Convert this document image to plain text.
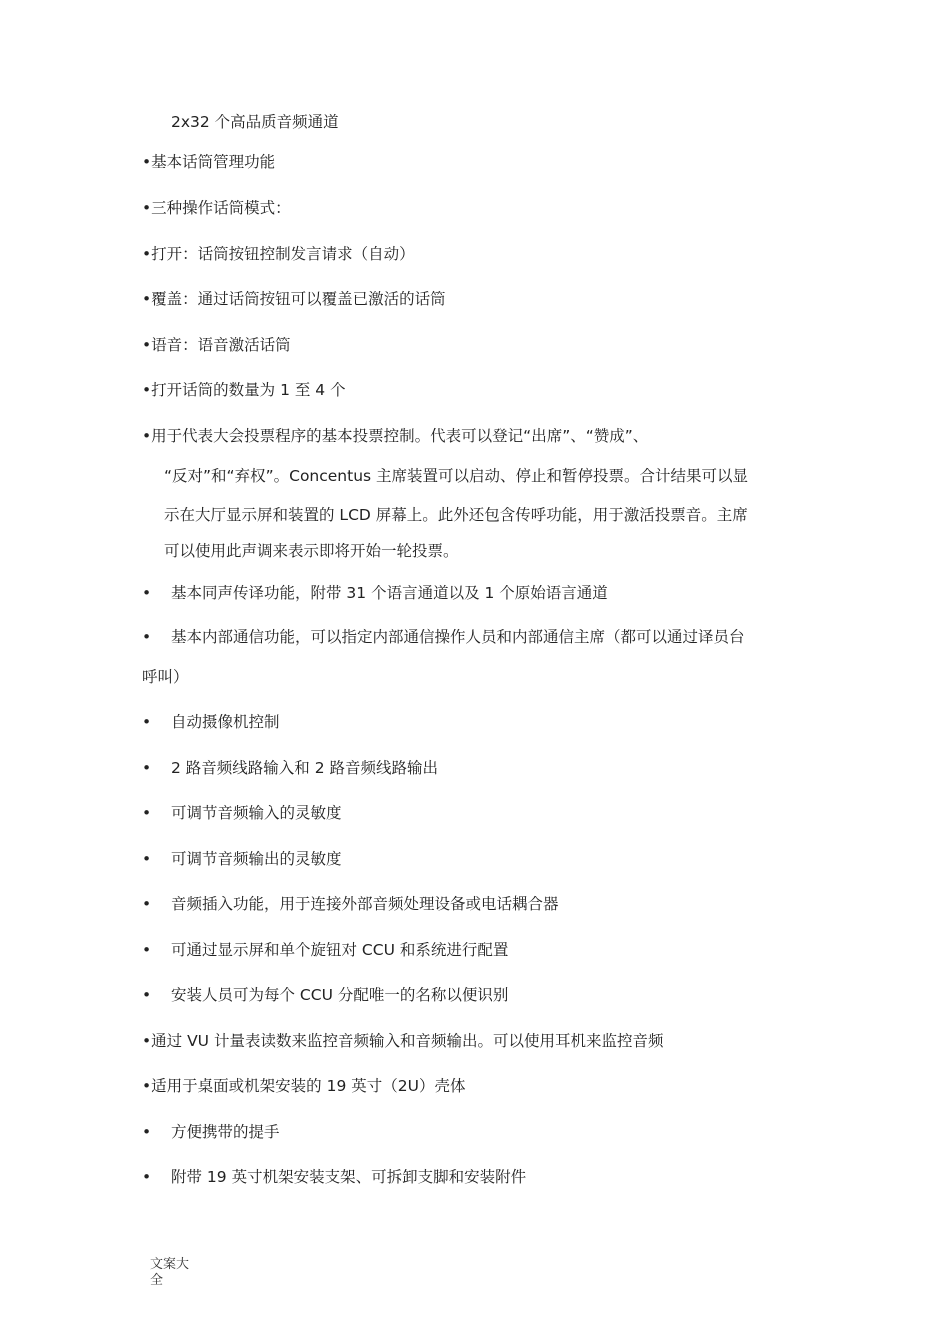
2x32 个高品质音频通道

•基本话筒管理功能

•三种操作话筒模式：

•打开：话筒按钮控制发言请求（自动）

•覆盖：通过话筒按钮可以覆盖已激活的话筒

•语音：语音激活话筒

•打开话筒的数量为 1 至 4 个

•用于代表大会投票程序的基本投票控制。代表可以登记“出席”、“赞成”、

“反对”和“弃权”。Concentus 主席装置可以启动、停止和暂停投票。合计结果可以显

示在大厅显示屏和装置的 LCD 屏幕上。此外还包含传呼功能，用于激活投票音。主席

可以使用此声调来表示即将开始一轮投票。

• 基本同声传译功能，附带 31 个语言通道以及 1 个原始语言通道

• 基本内部通信功能，可以指定内部通信操作人员和内部通信主席（都可以通过译员台

呼叫）

• 自动摄像机控制

• 2 路音频线路输入和 2 路音频线路输出

• 可调节音频输入的灵敏度

• 可调节音频输出的灵敏度

• 音频插入功能，用于连接外部音频处理设备或电话耦合器

• 可通过显示屏和单个旋钮对 CCU 和系统进行配置

• 安装人员可为每个 CCU 分配唯一的名称以便识别

•通过 VU 计量表读数来监控音频输入和音频输出。可以使用耳机来监控音频

•适用于桌面或机架安装的 19 英寸（2U）壳体

• 方便携带的提手

• 附带 19 英寸机架安装支架、可拆卸支脚和安装附件

文案大全
